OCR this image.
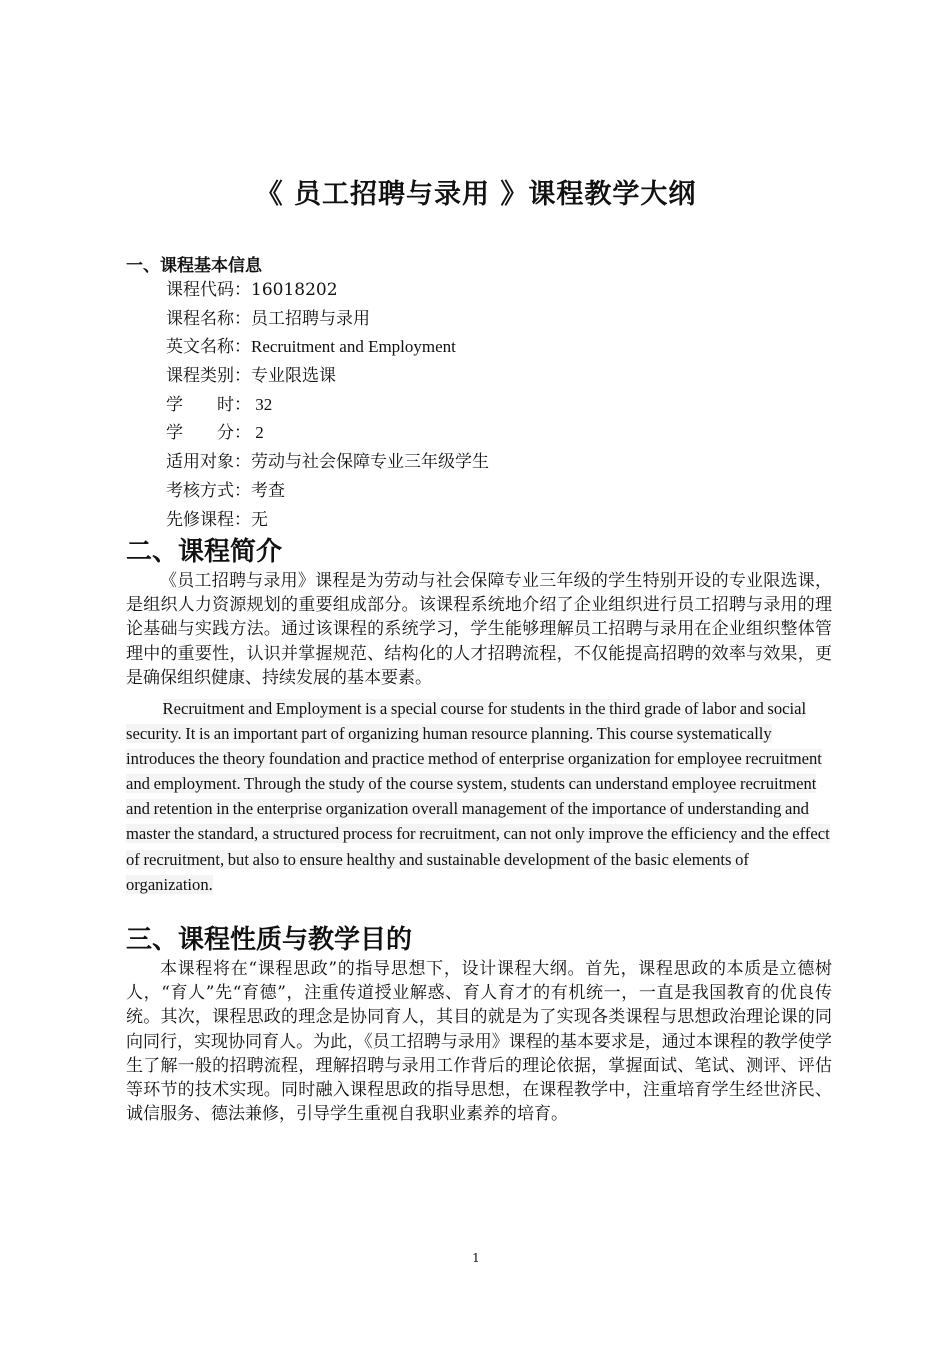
《 员工招聘与录用 》课程教学大纲
一、课程基本信息
课程代码：16018202
课程名称：员工招聘与录用
英文名称：Recruitment and Employment
课程类别：专业限选课
学　　时： 32
学　　分： 2
适用对象：劳动与社会保障专业三年级学生
考核方式：考查
先修课程：无
二、课程简介

《员工招聘与录用》课程是为劳动与社会保障专业三年级的学生特别开设的专业限选课，是组织人力资源规划的重要组成部分。该课程系统地介绍了企业组织进行员工招聘与录用的理论基础与实践方法。通过该课程的系统学习，学生能够理解员工招聘与录用在企业组织整体管理中的重要性，认识并掌握规范、结构化的人才招聘流程，不仅能提高招聘的效率与效果，更是确保组织健康、持续发展的基本要素。

Recruitment and Employment is a special course for students in the third grade of labor and social security. It is an important part of organizing human resource planning. This course systematically introduces the theory foundation and practice method of enterprise organization for employee recruitment and employment. Through the study of the course system, students can understand employee recruitment and retention in the enterprise organization overall management of the importance of understanding and master the standard, a structured process for recruitment, can not only improve the efficiency and the effect of recruitment, but also to ensure healthy and sustainable development of the basic elements of organization.

三、课程性质与教学目的

本课程将在“课程思政”的指导思想下，设计课程大纲。首先，课程思政的本质是立德树人，“育人”先“育德”，注重传道授业解惑、育人育才的有机统一，一直是我国教育的优良传统。其次，课程思政的理念是协同育人，其目的就是为了实现各类课程与思想政治理论课的同向同行，实现协同育人。为此，《员工招聘与录用》课程的基本要求是，通过本课程的教学使学生了解一般的招聘流程，理解招聘与录用工作背后的理论依据，掌握面试、笔试、测评、评估等环节的技术实现。同时融入课程思政的指导思想，在课程教学中，注重培育学生经世济民、诚信服务、德法兼修，引导学生重视自我职业素养的培育。

1
